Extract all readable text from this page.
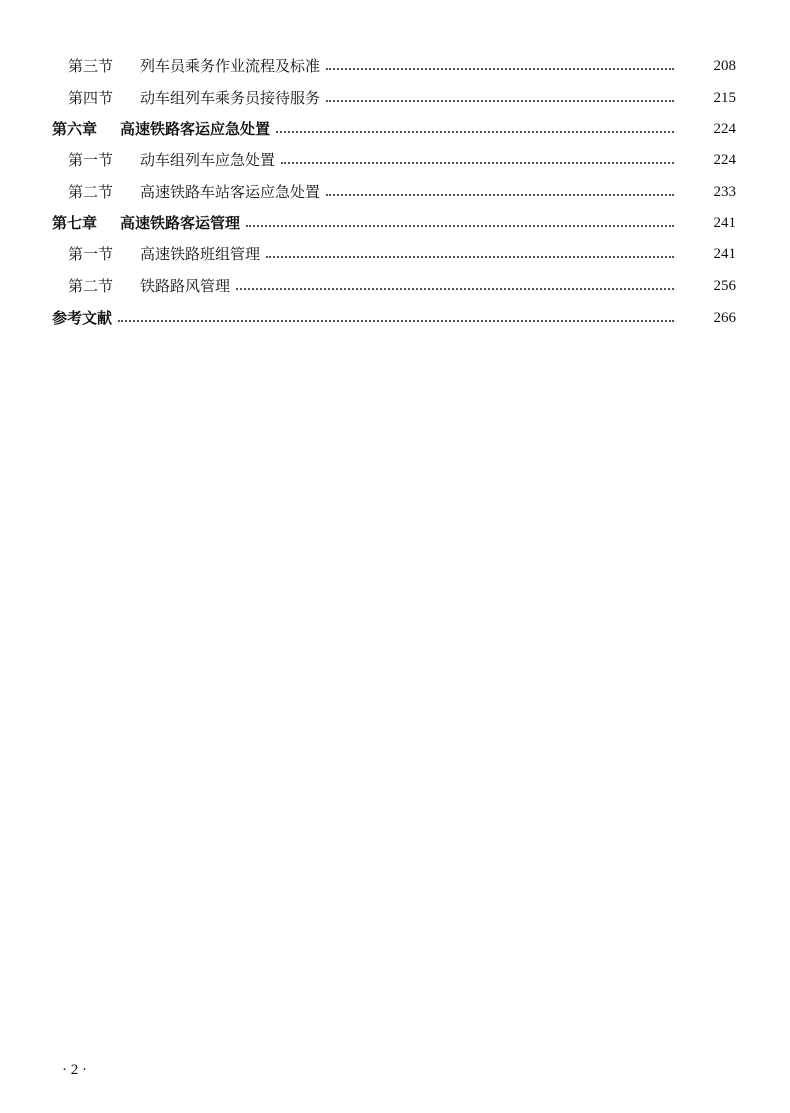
第三节	列车员乘务作业流程及标准	208
第四节	动车组列车乘务员接待服务	215
第六章	高速铁路客运应急处置	224
第一节	动车组列车应急处置	224
第二节	高速铁路车站客运应急处置	233
第七章	高速铁路客运管理	241
第一节	高速铁路班组管理	241
第二节	铁路路风管理	256
参考文献	266
· 2 ·
